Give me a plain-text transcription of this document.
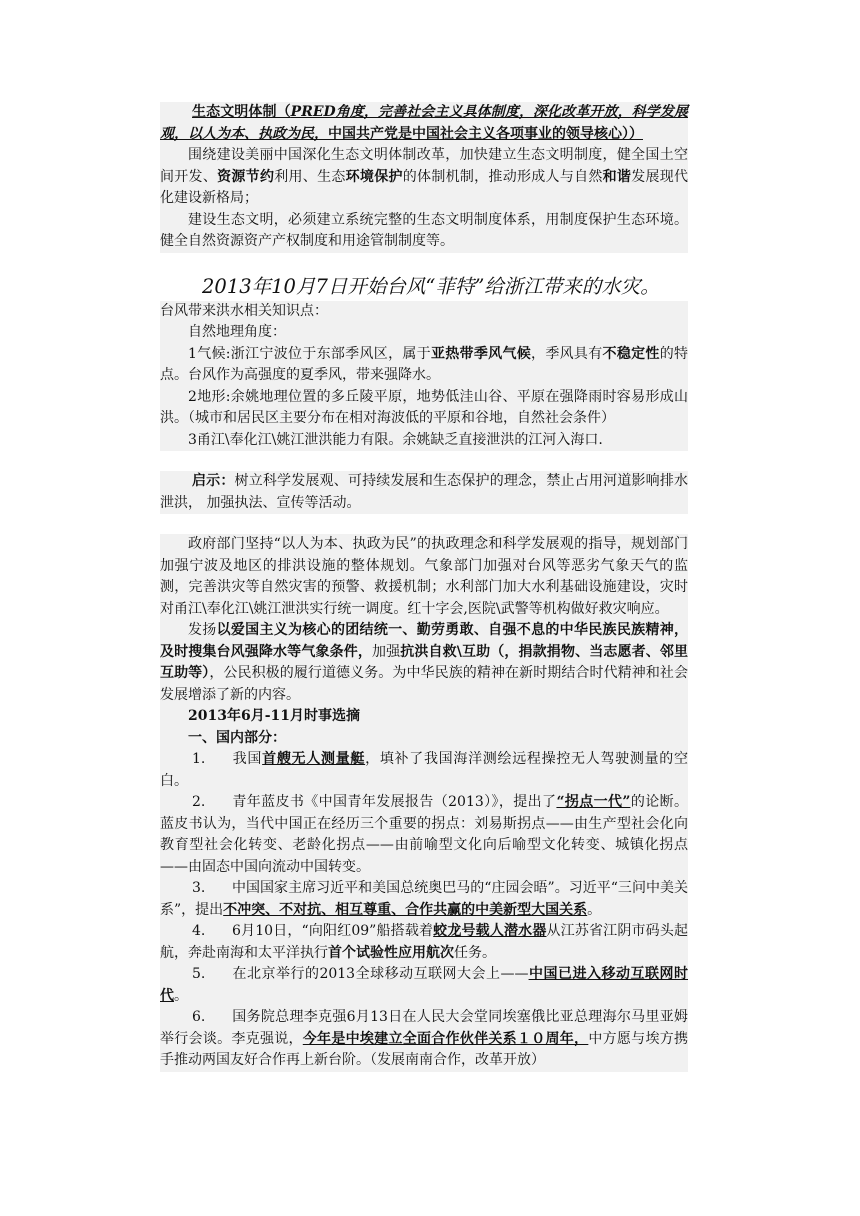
生态文明体制（PRED角度，完善社会主义具体制度，深化改革开放，科学发展观，以人为本、执政为民，中国共产党是中国社会主义各项事业的领导核心））

围绕建设美丽中国深化生态文明体制改革，加快建立生态文明制度，健全国土空间开发、资源节约利用、生态环境保护的体制机制，推动形成人与自然和谐发展现代化建设新格局；

建设生态文明，必须建立系统完整的生态文明制度体系，用制度保护生态环境。健全自然资源资产产权制度和用途管制制度等。

2013年10月7日开始台风“菲特”给浙江带来的水灾。

台风带来洪水相关知识点：

自然地理角度：

1气候:浙江宁波位于东部季风区，属于亚热带季风气候，季风具有不稳定性的特点。台风作为高强度的夏季风，带来强降水。

2地形:余姚地理位置的多丘陵平原，地势低洼山谷、平原在强降雨时容易形成山洪。（城市和居民区主要分布在相对海波低的平原和谷地，自然社会条件）

3甬江\奉化江\姚江泄洪能力有限。余姚缺乏直接泄洪的江河入海口.

启示：树立科学发展观、可持续发展和生态保护的理念，禁止占用河道影响排水泄洪， 加强执法、宣传等活动。

政府部门坚持“以人为本、执政为民”的执政理念和科学发展观的指导，规划部门加强宁波及地区的排洪设施的整体规划。气象部门加强对台风等恶劣气象天气的监测，完善洪灾等自然灾害的预警、救援机制；水利部门加大水利基础设施建设，灾时对甬江\奉化江\姚江泄洪实行统一调度。红十字会,医院\武警等机构做好救灾响应。

发扬以爱国主义为核心的团结统一、勤劳勇敢、自强不息的中华民族民族精神，及时搜集台风强降水等气象条件，加强抗洪自救\互助（，捐款捐物、当志愿者、邻里互助等），公民积极的履行道德义务。为中华民族的精神在新时期结合时代精神和社会发展增添了新的内容。

2013年6月-11月时事选摘

一、国内部分：

1. 我国首艘无人测量艇，填补了我国海洋测绘远程操控无人驾驶测量的空白。

2. 青年蓝皮书《中国青年发展报告（2013）》，提出了“拐点一代”的论断。蓝皮书认为，当代中国正在经历三个重要的拐点：刘易斯拐点——由生产型社会化向教育型社会化转变、老龄化拐点——由前喻型文化向后喻型文化转变、城镇化拐点——由固态中国向流动中国转变。

3. 中国国家主席习近平和美国总统奥巴马的“庄园会晤”。习近平“三问中美关系”，提出不冲突、不对抗、相互尊重、合作共赢的中美新型大国关系。

4. 6月10日，“向阳红09”船搭载着蛟龙号载人潜水器从江苏省江阴市码头起航，奔赴南海和太平洋执行首个试验性应用航次任务。

5. 在北京举行的2013全球移动互联网大会上——中国已进入移动互联网时代。

6. 国务院总理李克强6月13日在人民大会堂同埃塞俄比亚总理海尔马里亚姆举行会谈。李克强说，今年是中埃建立全面合作伙伴关系１０周年，中方愿与埃方携手推动两国友好合作再上新台阶。（发展南南合作，改革开放）
